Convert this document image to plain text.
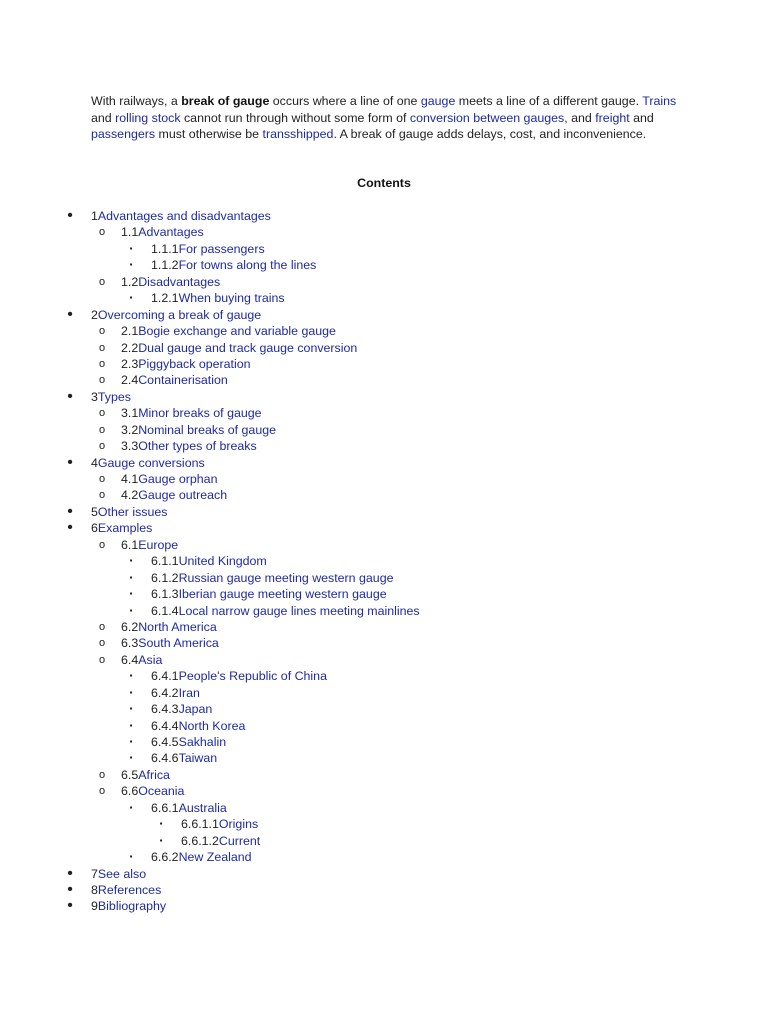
With railways, a break of gauge occurs where a line of one gauge meets a line of a different gauge. Trains and rolling stock cannot run through without some form of conversion between gauges, and freight and passengers must otherwise be transshipped. A break of gauge adds delays, cost, and inconvenience.

Contents
• 1Advantages and disadvantages
o 1.1Advantages
▪	1.1.1For passengers
▪	1.1.2For towns along the lines
o 1.2Disadvantages
▪	1.2.1When buying trains
• 2Overcoming a break of gauge
o 2.1Bogie exchange and variable gauge
o 2.2Dual gauge and track gauge conversion
o 2.3Piggyback operation
o 2.4Containerisation
• 3Types
o 3.1Minor breaks of gauge
o 3.2Nominal breaks of gauge
o 3.3Other types of breaks
• 4Gauge conversions
o 4.1Gauge orphan
o 4.2Gauge outreach
• 5Other issues
• 6Examples
o 6.1Europe
▪	6.1.1United Kingdom
▪	6.1.2Russian gauge meeting western gauge
▪	6.1.3Iberian gauge meeting western gauge
▪	6.1.4Local narrow gauge lines meeting mainlines
o 6.2North America
o 6.3South America
o 6.4Asia
▪	6.4.1People's Republic of China
▪	6.4.2Iran
▪	6.4.3Japan
▪	6.4.4North Korea
▪	6.4.5Sakhalin
▪	6.4.6Taiwan
o 6.5Africa
o 6.6Oceania
▪	6.6.1Australia
▪	6.6.1.1Origins
▪	6.6.1.2Current
▪	6.6.2New Zealand
• 7See also
• 8References
• 9Bibliography
